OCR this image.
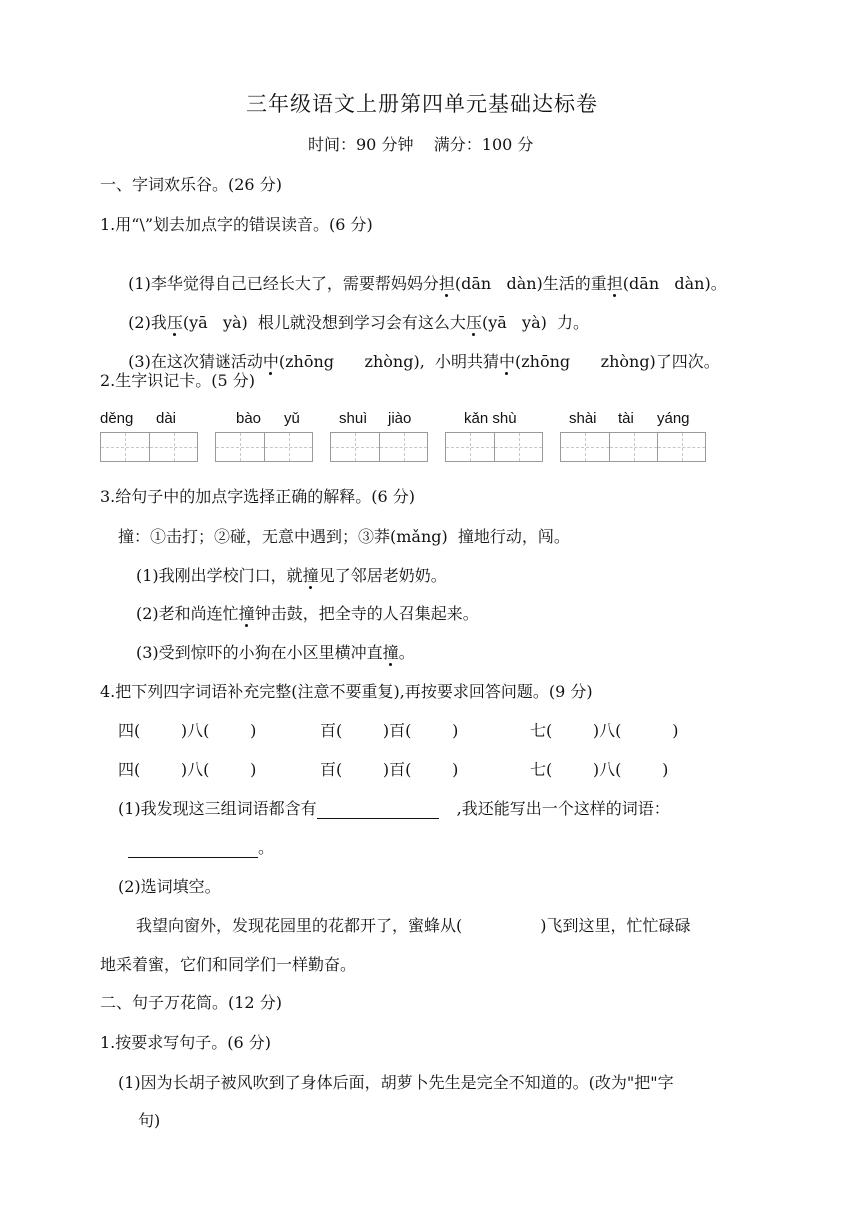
三年级语文上册第四单元基础达标卷
时间：90 分钟    满分：100 分
一、字词欢乐谷。(26 分)
1.用“\”划去加点字的错误读音。(6 分)

(1)李华觉得自己已经长大了，需要帮妈妈分担(dān   dàn)生活的重担(dān   dàn)。

(2)我压(yā   yà)  根儿就没想到学习会有这么大压(yā   yà)  力。

(3)在这次猜谜活动中(zhōng      zhòng),  小明共猜中(zhōng      zhòng)了四次。

2.生字识记卡。(5 分)
děng dài	bào yǔ	shuì jiào	kǎn shù	shài tài yáng
3.给句子中的加点字选择正确的解释。(6 分)
撞：①击打；②碰，无意中遇到；③莽(mǎng)  撞地行动，闯。
(1)我刚出学校门口，就撞见了邻居老奶奶。
(2)老和尚连忙撞钟击鼓，把全寺的人召集起来。
(3)受到惊吓的小狗在小区里横冲直撞。
4.把下列四字词语补充完整(注意不要重复),再按要求回答问题。(9 分)
四(        )八(        )	百(        )百(        )	七(        )八(          )
四(        )八(        )	百(        )百(        )	七(        )八(        )
(1)我发现这三组词语都含有	,我还能写出一个这样的词语：
。
(2)选词填空。
我望向窗外，发现花园里的花都开了，蜜蜂从(	)飞到这里，忙忙碌碌
地采着蜜，它们和同学们一样勤奋。
二、句子万花筒。(12 分)
1.按要求写句子。(6 分)
(1)因为长胡子被风吹到了身体后面，胡萝卜先生是完全不知道的。(改为"把"字
句)
